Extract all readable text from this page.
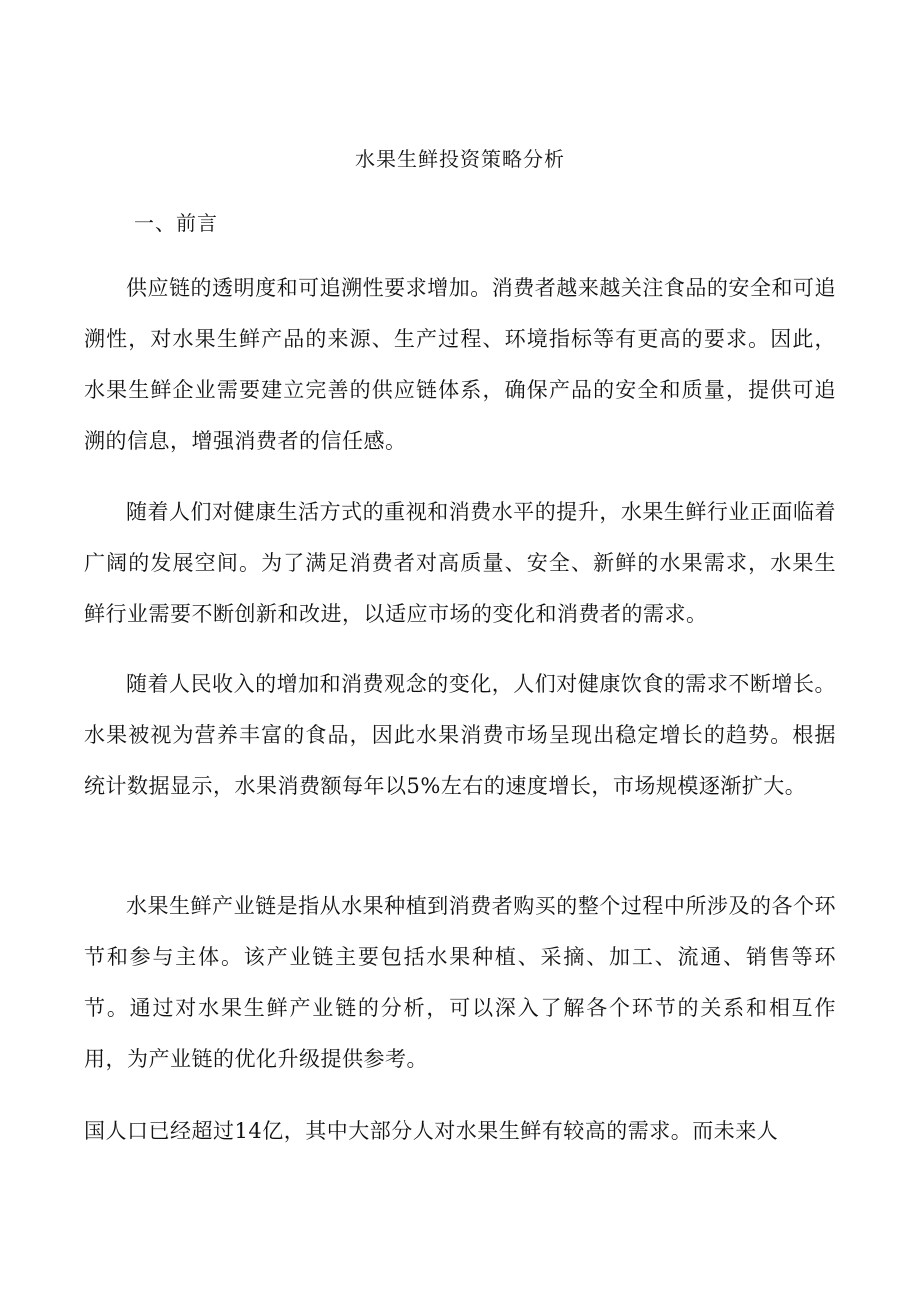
水果生鲜投资策略分析
一、前言

供应链的透明度和可追溯性要求增加。消费者越来越关注食品的安全和可追溯性，对水果生鲜产品的来源、生产过程、环境指标等有更高的要求。因此，水果生鲜企业需要建立完善的供应链体系，确保产品的安全和质量，提供可追溯的信息，增强消费者的信任感。

随着人们对健康生活方式的重视和消费水平的提升，水果生鲜行业正面临着广阔的发展空间。为了满足消费者对高质量、安全、新鲜的水果需求，水果生鲜行业需要不断创新和改进，以适应市场的变化和消费者的需求。

随着人民收入的增加和消费观念的变化，人们对健康饮食的需求不断增长。水果被视为营养丰富的食品，因此水果消费市场呈现出稳定增长的趋势。根据统计数据显示，水果消费额每年以5%左右的速度增长，市场规模逐渐扩大。

水果生鲜产业链是指从水果种植到消费者购买的整个过程中所涉及的各个环节和参与主体。该产业链主要包括水果种植、采摘、加工、流通、销售等环节。通过对水果生鲜产业链的分析，可以深入了解各个环节的关系和相互作用，为产业链的优化升级提供参考。

国人口已经超过14亿，其中大部分人对水果生鲜有较高的需求。而未来人
